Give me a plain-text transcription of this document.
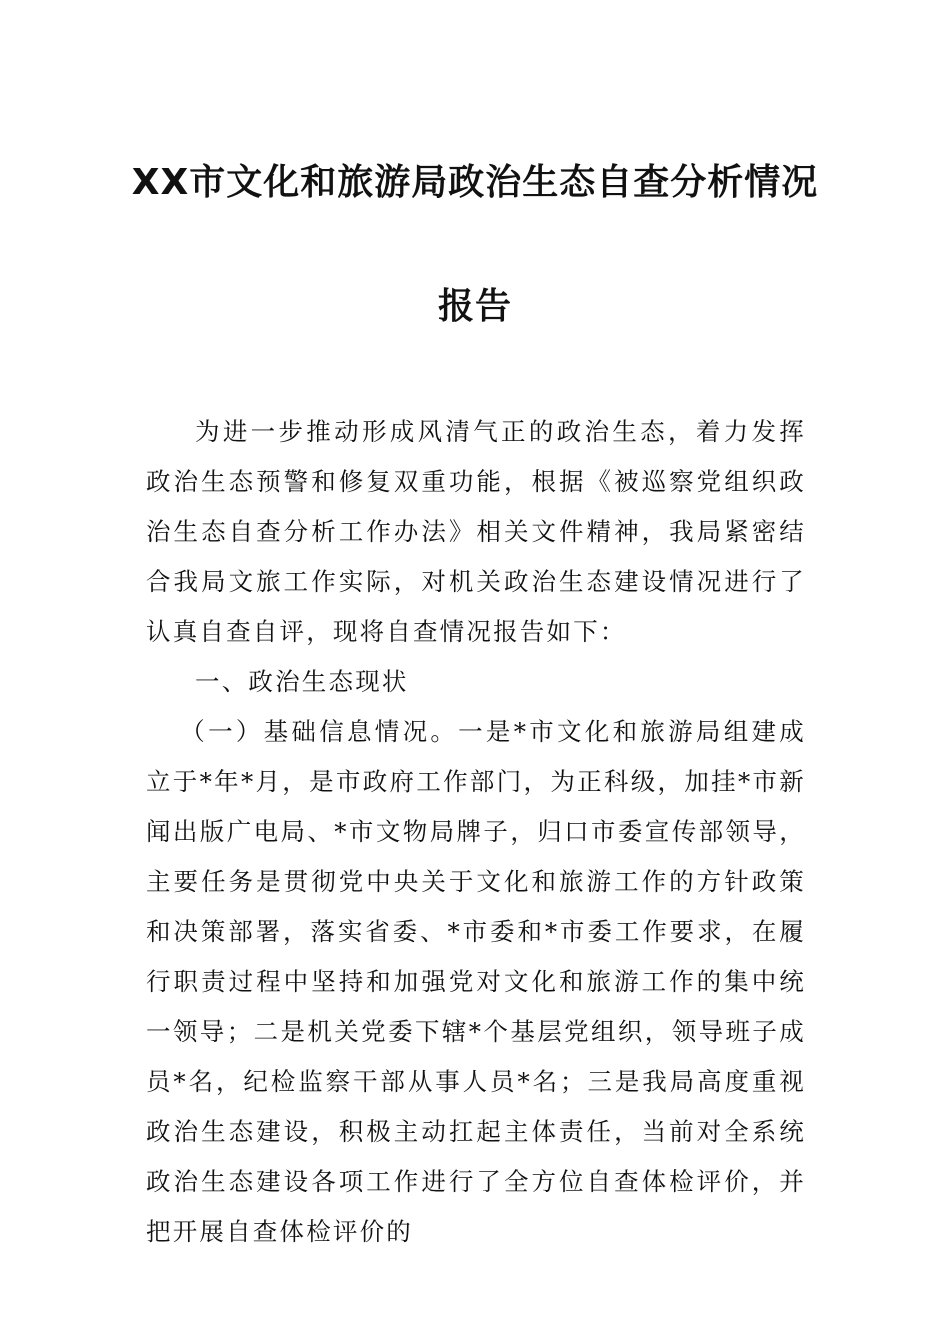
XX市文化和旅游局政治生态自查分析情况
报告

为进一步推动形成风清气正的政治生态，着力发挥政治生态预警和修复双重功能，根据《被巡察党组织政治生态自查分析工作办法》相关文件精神，我局紧密结合我局文旅工作实际，对机关政治生态建设情况进行了认真自查自评，现将自查情况报告如下：

一、政治生态现状

（一）基础信息情况。一是*市文化和旅游局组建成立于*年*月，是市政府工作部门，为正科级，加挂*市新闻出版广电局、*市文物局牌子，归口市委宣传部领导，主要任务是贯彻党中央关于文化和旅游工作的方针政策和决策部署，落实省委、*市委和*市委工作要求，在履行职责过程中坚持和加强党对文化和旅游工作的集中统一领导；二是机关党委下辖*个基层党组织，领导班子成员*名，纪检监察干部从事人员*名；三是我局高度重视政治生态建设，积极主动扛起主体责任，当前对全系统政治生态建设各项工作进行了全方位自查体检评价，并把开展自查体检评价的
